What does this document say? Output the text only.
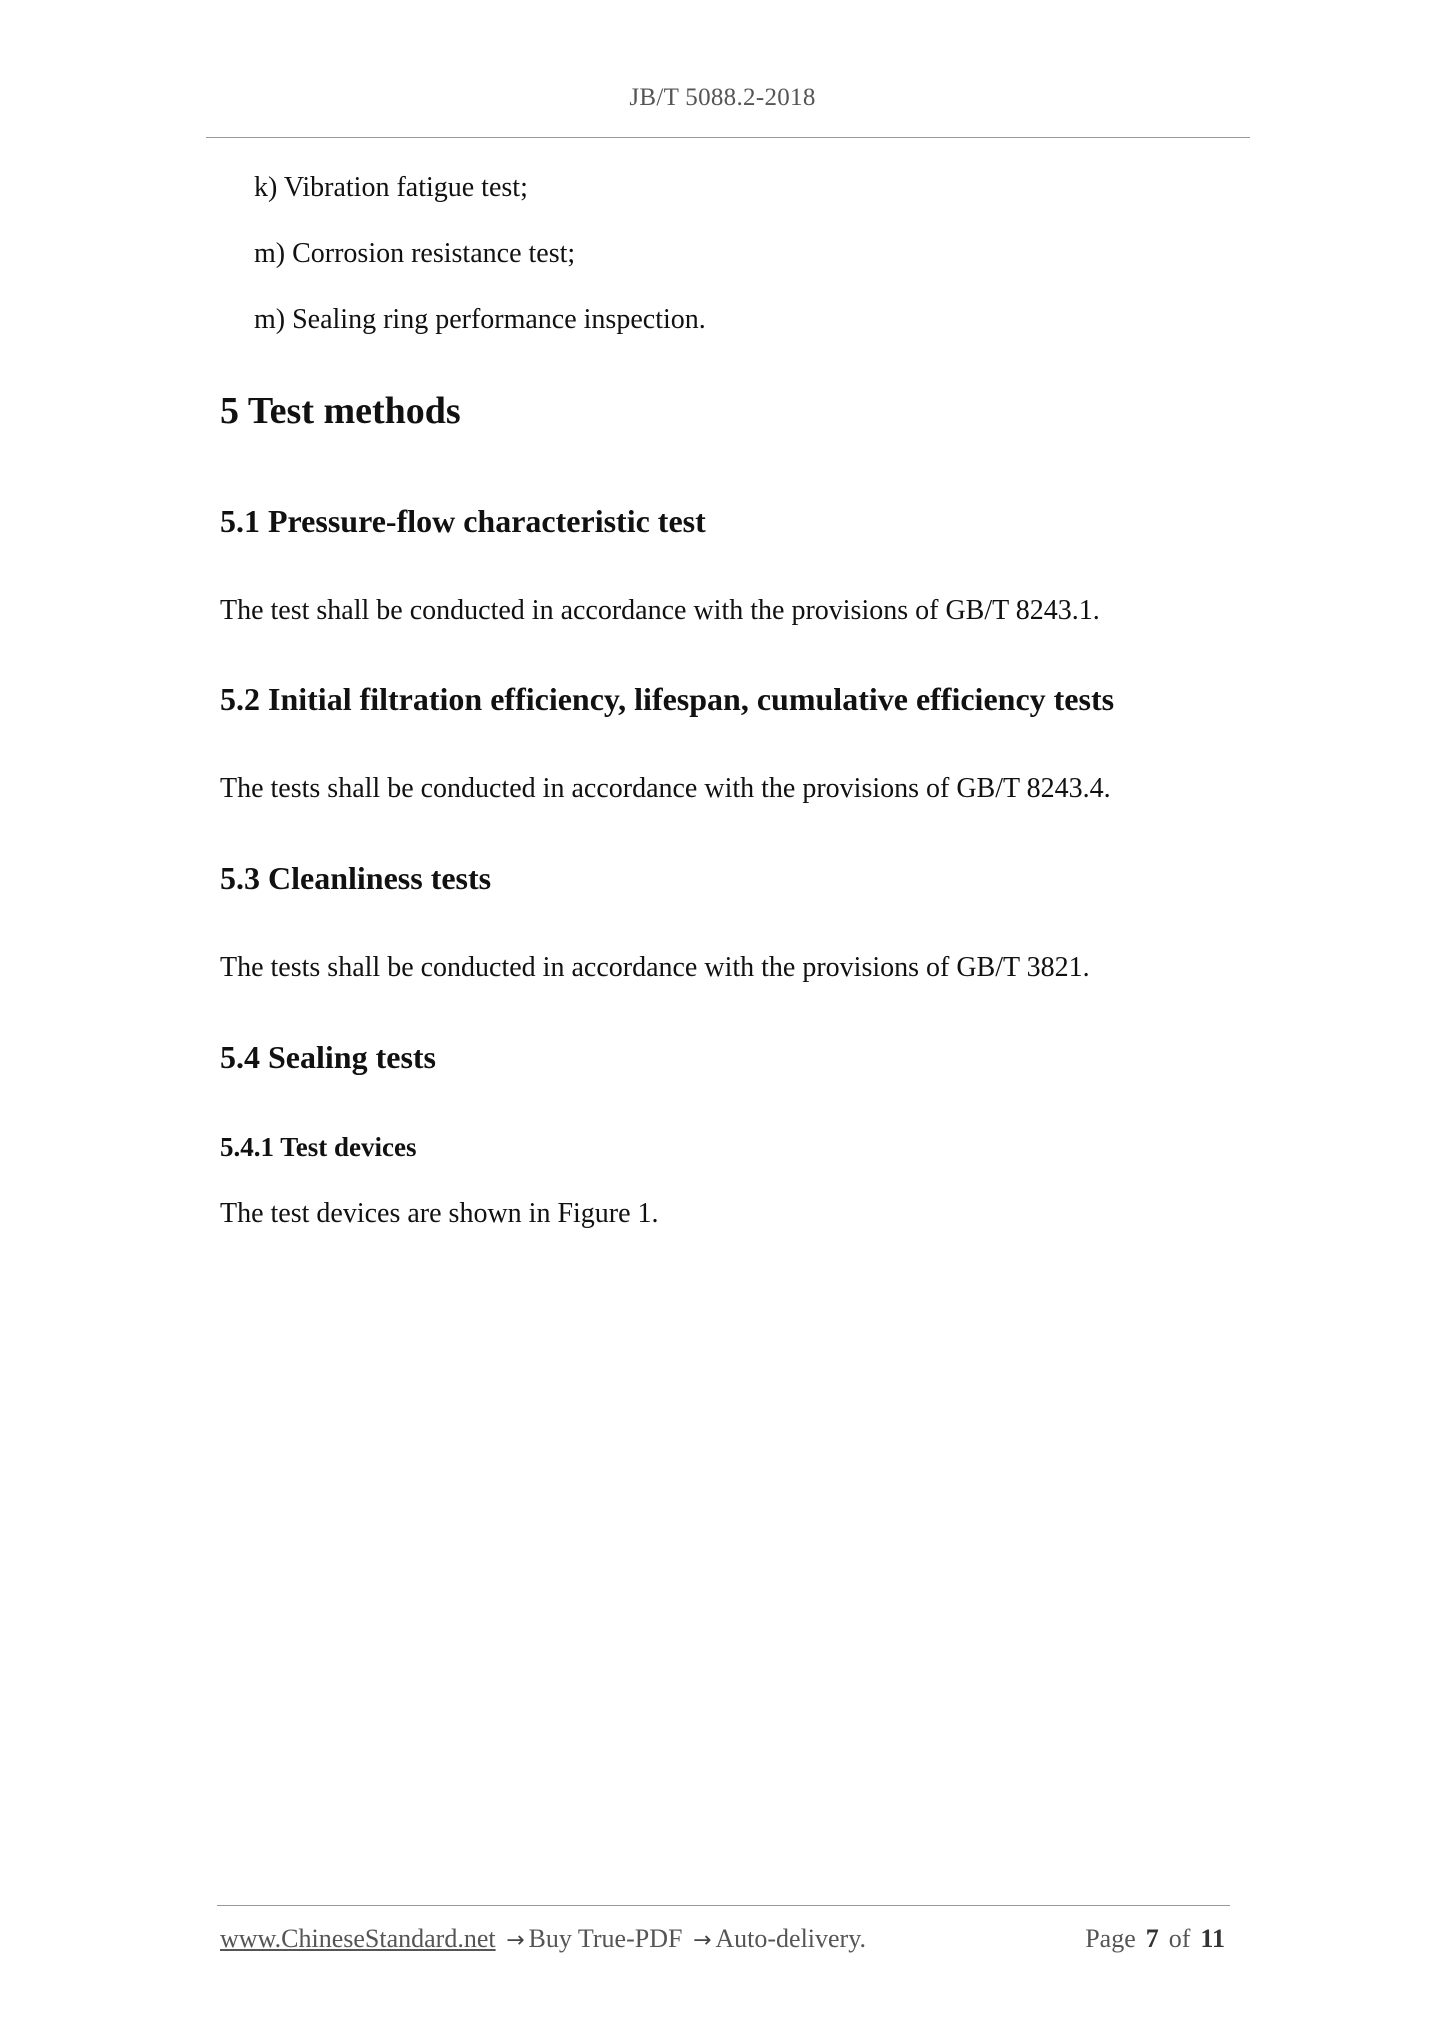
JB/T 5088.2-2018
k) Vibration fatigue test;
m) Corrosion resistance test;
m) Sealing ring performance inspection.
5 Test methods
5.1 Pressure-flow characteristic test
The test shall be conducted in accordance with the provisions of GB/T 8243.1.
5.2 Initial filtration efficiency, lifespan, cumulative efficiency tests
The tests shall be conducted in accordance with the provisions of GB/T 8243.4.
5.3 Cleanliness tests
The tests shall be conducted in accordance with the provisions of GB/T 3821.
5.4 Sealing tests
5.4.1 Test devices
The test devices are shown in Figure 1.
www.ChineseStandard.net → Buy True-PDF → Auto-delivery.	Page 7 of 11
